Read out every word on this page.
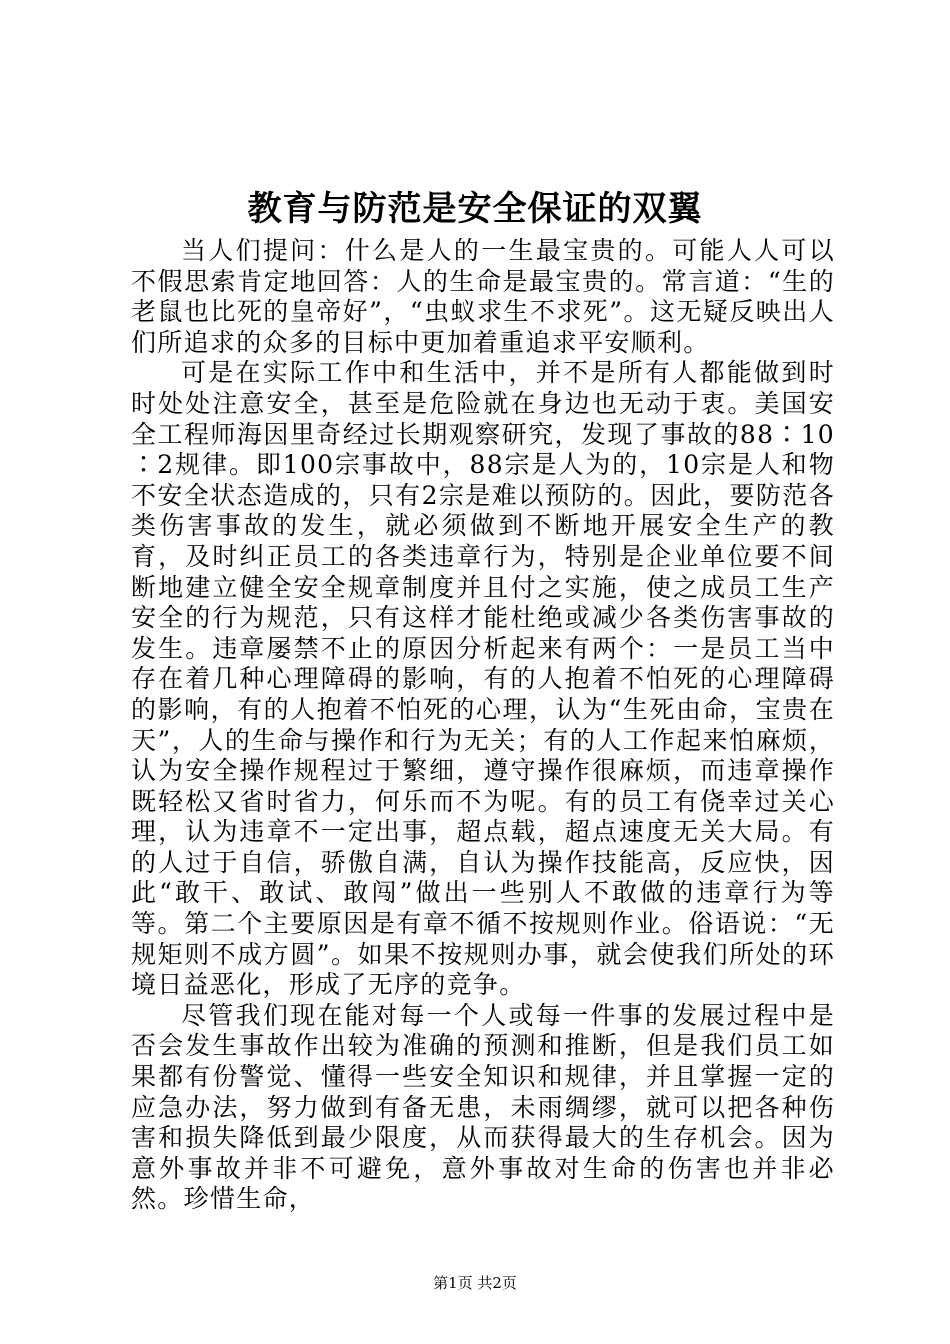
教育与防范是安全保证的双翼

当人们提问：什么是人的一生最宝贵的。可能人人可以不假思索肯定地回答：人的生命是最宝贵的。常言道：“生的老鼠也比死的皇帝好”，“虫蚁求生不求死”。这无疑反映出人们所追求的众多的目标中更加着重追求平安顺利。

可是在实际工作中和生活中，并不是所有人都能做到时时处处注意安全，甚至是危险就在身边也无动于衷。美国安全工程师海因里奇经过长期观察研究，发现了事故的88∶10∶2规律。即100宗事故中，88宗是人为的，10宗是人和物不安全状态造成的，只有2宗是难以预防的。因此，要防范各类伤害事故的发生，就必须做到不断地开展安全生产的教育，及时纠正员工的各类违章行为，特别是企业单位要不间断地建立健全安全规章制度并且付之实施，使之成员工生产安全的行为规范，只有这样才能杜绝或减少各类伤害事故的发生。违章屡禁不止的原因分析起来有两个：一是员工当中存在着几种心理障碍的影响，有的人抱着不怕死的心理障碍的影响，有的人抱着不怕死的心理，认为“生死由命，宝贵在天”，人的生命与操作和行为无关；有的人工作起来怕麻烦，认为安全操作规程过于繁细，遵守操作很麻烦，而违章操作既轻松又省时省力，何乐而不为呢。有的员工有侥幸过关心理，认为违章不一定出事，超点载，超点速度无关大局。有的人过于自信，骄傲自满，自认为操作技能高，反应快，因此“敢干、敢试、敢闯”做出一些别人不敢做的违章行为等等。第二个主要原因是有章不循不按规则作业。俗语说：“无规矩则不成方圆”。如果不按规则办事，就会使我们所处的环境日益恶化，形成了无序的竞争。

尽管我们现在能对每一个人或每一件事的发展过程中是否会发生事故作出较为准确的预测和推断，但是我们员工如果都有份警觉、懂得一些安全知识和规律，并且掌握一定的应急办法，努力做到有备无患，未雨绸缪，就可以把各种伤害和损失降低到最少限度，从而获得最大的生存机会。因为意外事故并非不可避免，意外事故对生命的伤害也并非必然。珍惜生命，

第1页 共2页
